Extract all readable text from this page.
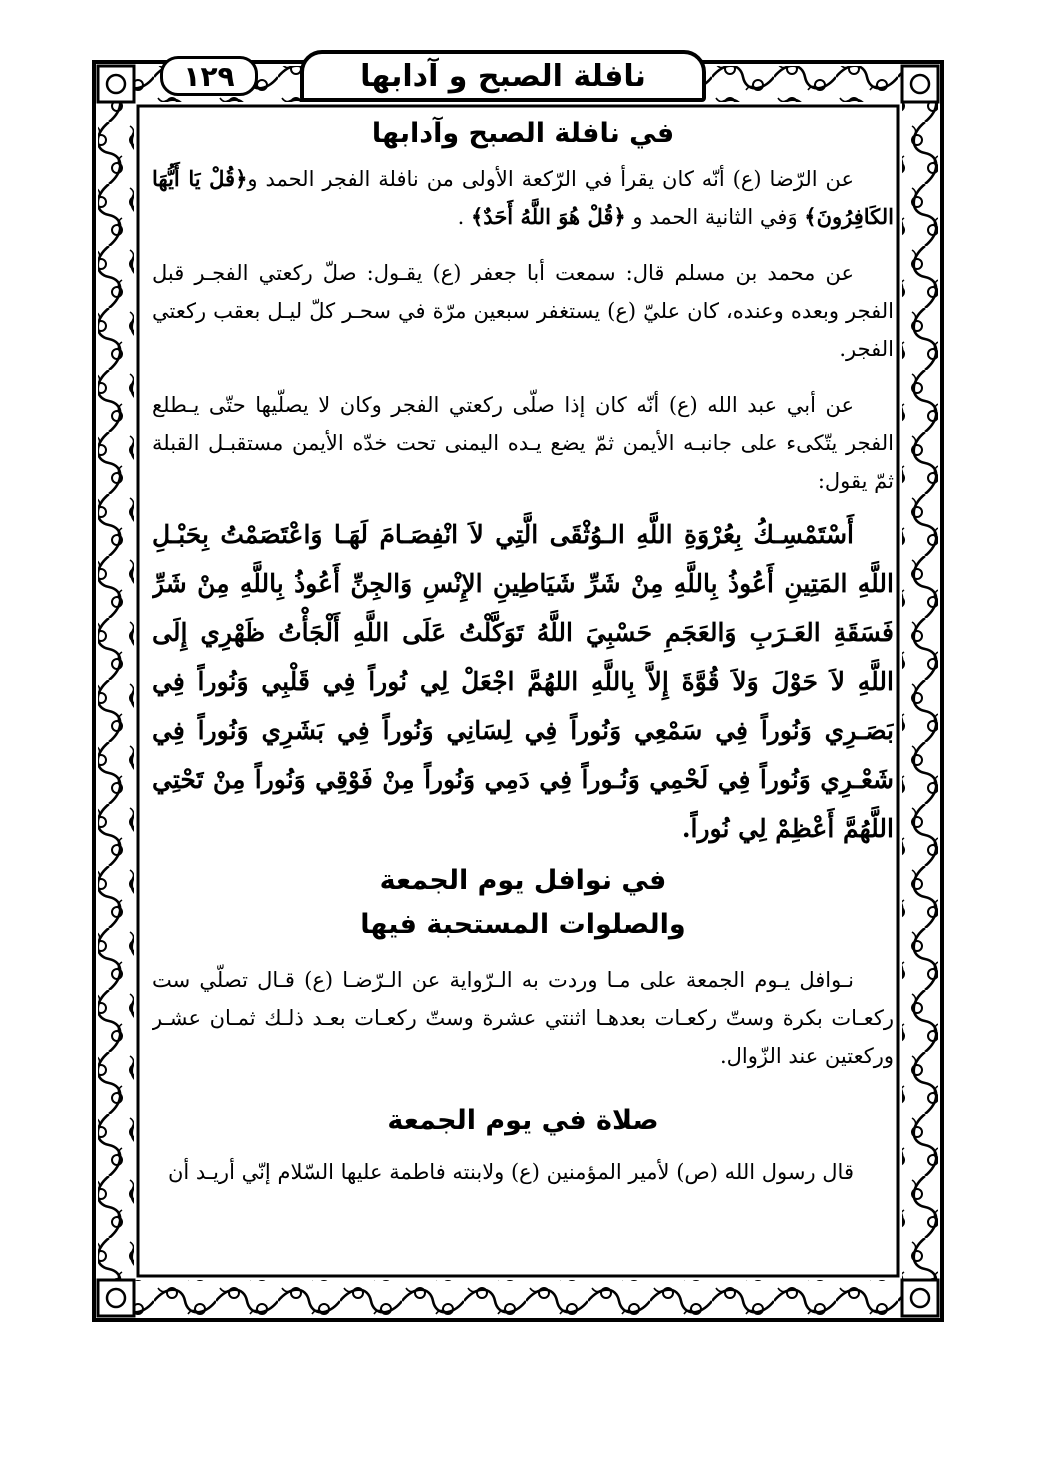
نافلة الصبح و آدابها
١٢٩
في نافلة الصبح وآدابها

عن الرّضا (ع) أنّه كان يقرأ في الرّكعة الأولى من نافلة الفجر الحمد و﴿قُلْ يَا أَيُّهَا الكَافِرُونَ﴾ وَفي الثانية الحمد و ﴿قُلْ هُوَ اللَّهُ أَحَدٌ﴾ .

عن محمد بن مسلم قال: سمعت أبا جعفر (ع) يقـول: صلّ ركعتي الفجـر قبل الفجر وبعده وعنده، كان عليّ (ع) يستغفر سبعين مرّة في سحـر كلّ ليـل بعقب ركعتي الفجر.

عن أبي عبد الله (ع) أنّه كان إذا صلّى ركعتي الفجر وكان لا يصلّيها حتّى يـطلع الفجر يتّكىء على جانبـه الأيمن ثمّ يضع يـده اليمنى تحت خدّه الأيمن مستقبـل القبلة ثمّ يقول:

أَسْتَمْسِـكُ بِعُرْوَةِ اللَّهِ الـوُثْقَى الَّتِي لاَ انْفِصَـامَ لَهَـا وَاعْتَصَمْتُ بِحَبْـلِ اللَّهِ المَتِينِ أَعُوذُ بِاللَّهِ مِنْ شَرِّ شَيَاطِينِ الإِنْسِ وَالجِنِّ أَعُوذُ بِاللَّهِ مِنْ شَرِّ فَسَقَةِ العَـرَبِ وَالعَجَمِ حَسْبِيَ اللَّهُ تَوَكَّلْتُ عَلَى اللَّهِ أَلْجَأْتُ ظَهْرِي إِلَى اللَّهِ لاَ حَوْلَ وَلاَ قُوَّةَ إِلاَّ بِاللَّهِ اللهُمَّ اجْعَلْ لِي نُوراً فِي قَلْبِي وَنُوراً فِي بَصَـرِي وَنُوراً فِي سَمْعِي وَنُوراً فِي لِسَانِي وَنُوراً فِي بَشَرِي وَنُوراً فِي شَعْـرِي وَنُوراً فِي لَحْمِي وَنُـوراً فِي دَمِي وَنُوراً مِنْ فَوْقِي وَنُوراً مِنْ تَحْتِي اللَّهُمَّ أَعْظِمْ لِي نُوراً.

في نوافل يوم الجمعة
والصلوات المستحبة فيها

نـوافل يـوم الجمعة على مـا وردت به الـرّواية عن الـرّضـا (ع) قـال تصلّي ست ركعـات بكرة وستّ ركعـات بعدهـا اثنتي عشرة وستّ ركعـات بعـد ذلـك ثمـان عشـر وركعتين عند الزّوال.

صلاة في يوم الجمعة

قال رسول الله (ص) لأمير المؤمنين (ع) ولابنته فاطمة عليها السّلام إنّي أريـد أن
